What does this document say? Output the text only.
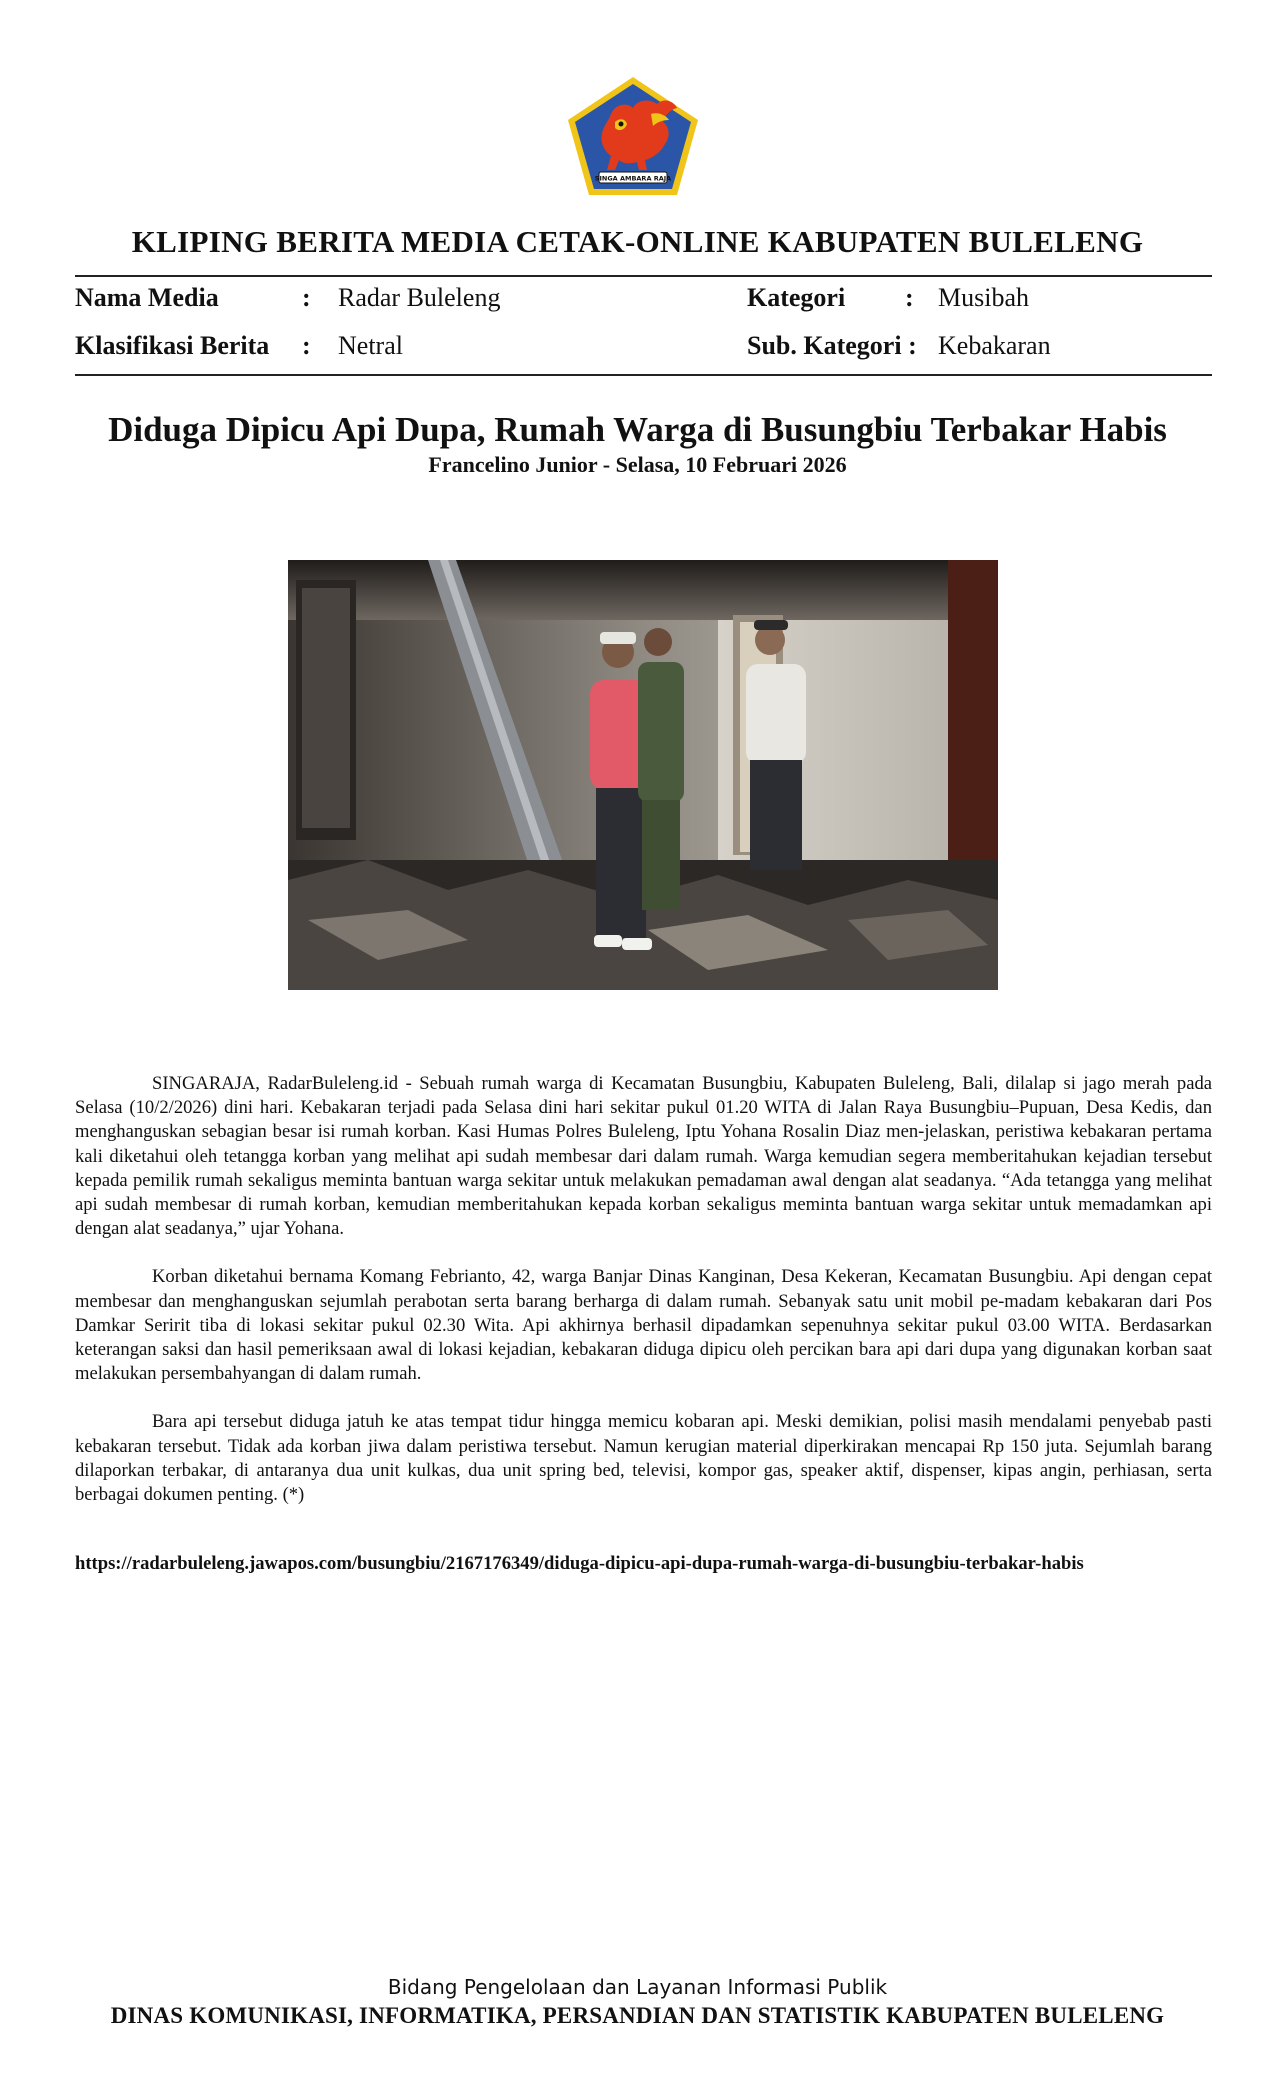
SINGA AMBARA RAJA
KLIPING BERITA MEDIA CETAK-ONLINE KABUPATEN BULELENG
Nama Media	: Radar Buleleng	Kategori : Musibah
Klasifikasi Berita : Netral	Sub. Kategori : Kebakaran
Diduga Dipicu Api Dupa, Rumah Warga di Busungbiu Terbakar Habis
Francelino Junior - Selasa, 10 Februari 2026

SINGARAJA, RadarBuleleng.id - Sebuah rumah warga di Kecamatan Busungbiu, Kabupaten Buleleng, Bali, dilalap si jago merah pada Selasa (10/2/2026) dini hari. Kebakaran terjadi pada Selasa dini hari sekitar pukul 01.20 WITA di Jalan Raya Busungbiu–Pupuan, Desa Kedis, dan menghanguskan sebagian besar isi rumah korban. Kasi Humas Polres Buleleng, Iptu Yohana Rosalin Diaz men-jelaskan, peristiwa kebakaran pertama kali diketahui oleh tetangga korban yang melihat api sudah membesar dari dalam rumah. Warga kemudian segera memberitahukan kejadian tersebut kepada pemilik rumah sekaligus meminta bantuan warga sekitar untuk melakukan pemadaman awal dengan alat seadanya. “Ada tetangga yang melihat api sudah membesar di rumah korban, kemudian memberitahukan kepada korban sekaligus meminta bantuan warga sekitar untuk memadamkan api dengan alat seadanya,” ujar Yohana.

Korban diketahui bernama Komang Febrianto, 42, warga Banjar Dinas Kanginan, Desa Kekeran, Kecamatan Busungbiu. Api dengan cepat membesar dan menghanguskan sejumlah perabotan serta barang berharga di dalam rumah. Sebanyak satu unit mobil pe-madam kebakaran dari Pos Damkar Seririt tiba di lokasi sekitar pukul 02.30 Wita. Api akhirnya berhasil dipadamkan sepenuhnya sekitar pukul 03.00 WITA. Berdasarkan keterangan saksi dan hasil pemeriksaan awal di lokasi kejadian, kebakaran diduga dipicu oleh percikan bara api dari dupa yang digunakan korban saat melakukan persembahyangan di dalam rumah.

Bara api tersebut diduga jatuh ke atas tempat tidur hingga memicu kobaran api. Meski demikian, polisi masih mendalami penyebab pasti kebakaran tersebut. Tidak ada korban jiwa dalam peristiwa tersebut. Namun kerugian material diperkirakan mencapai Rp 150 juta. Sejumlah barang dilaporkan terbakar, di antaranya dua unit kulkas, dua unit spring bed, televisi, kompor gas, speaker aktif, dispenser, kipas angin, perhiasan, serta berbagai dokumen penting. (*)

https://radarbuleleng.jawapos.com/busungbiu/2167176349/diduga-dipicu-api-dupa-rumah-warga-di-busungbiu-terbakar-habis
Bidang Pengelolaan dan Layanan Informasi Publik
DINAS KOMUNIKASI, INFORMATIKA, PERSANDIAN DAN STATISTIK KABUPATEN BULELENG
